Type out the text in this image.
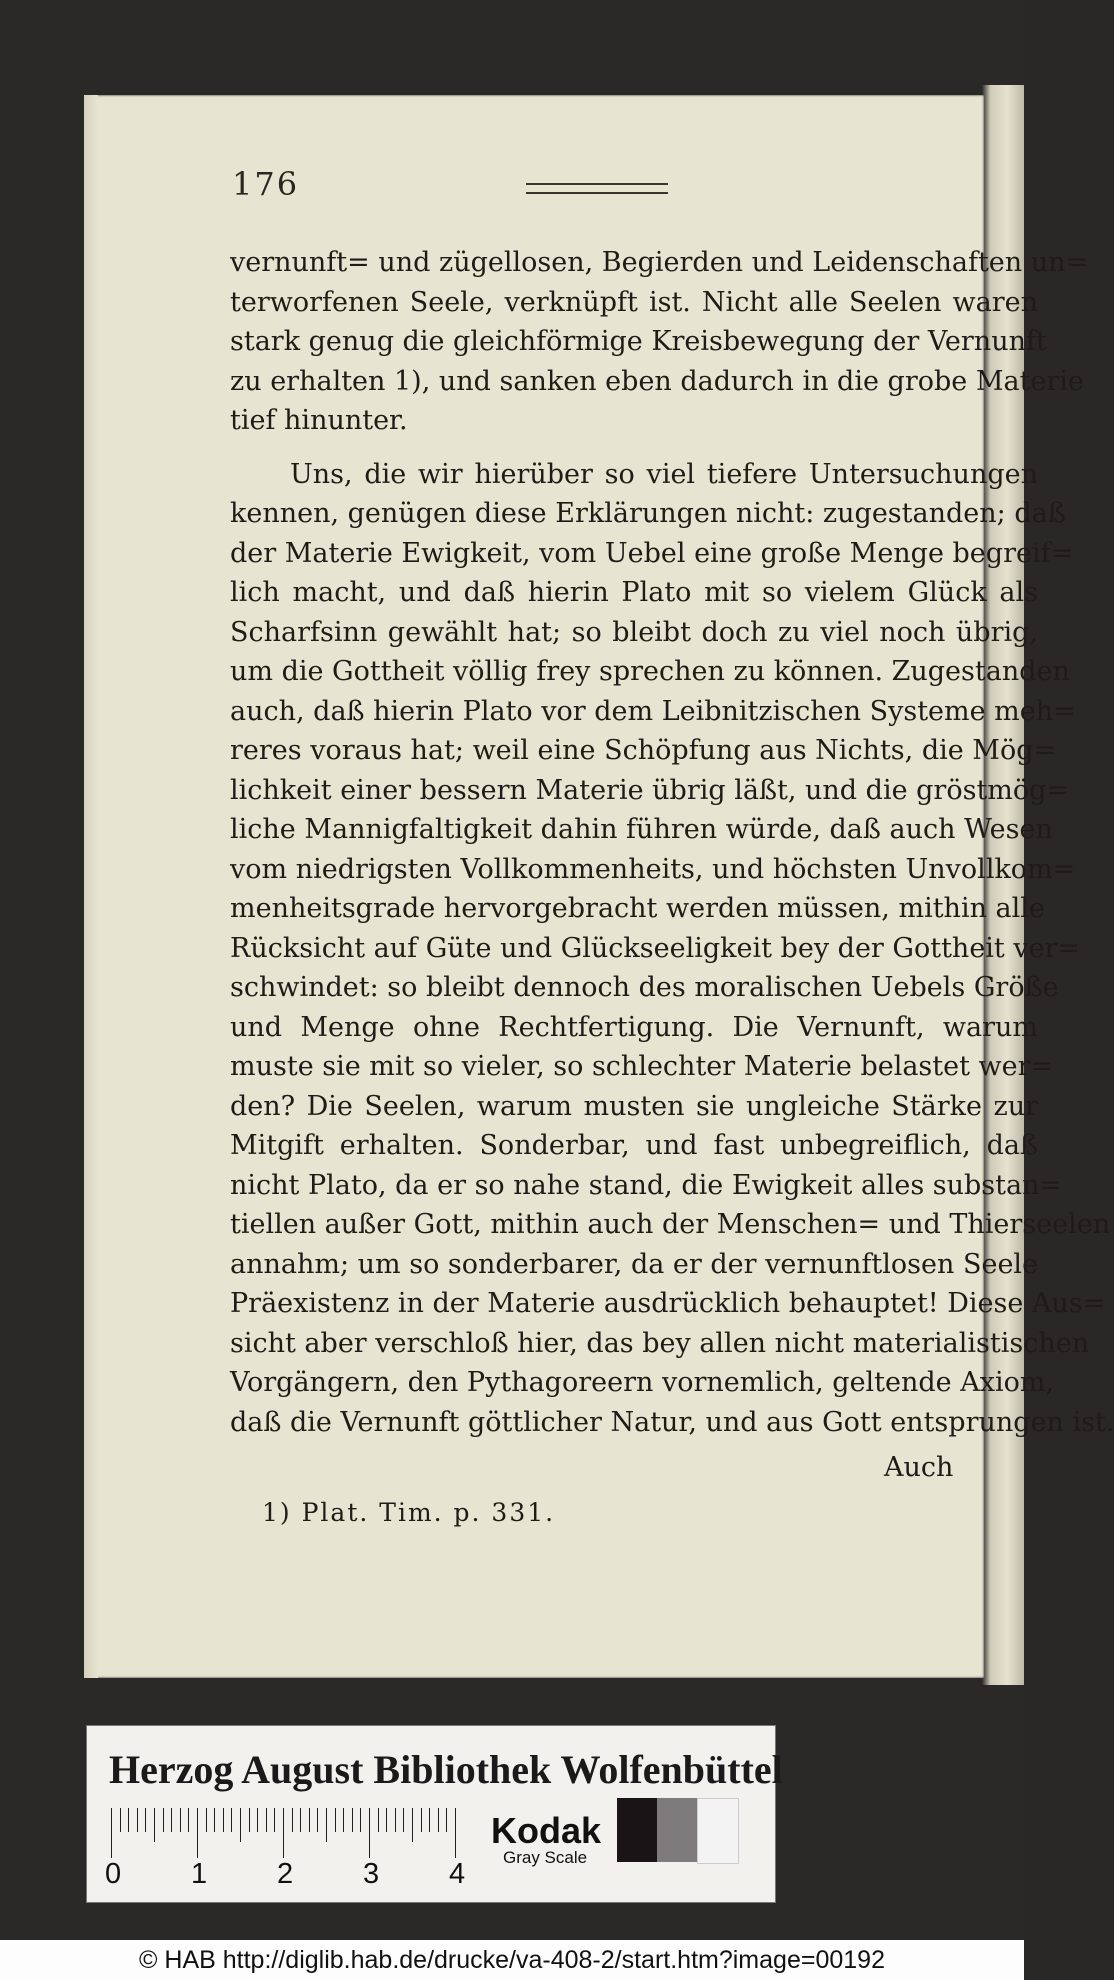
176
vernunft= und zügellosen, Begierden und Leidenschaften un=
terworfenen Seele, verknüpft ist. Nicht alle Seelen waren
stark genug die gleichförmige Kreisbewegung der Vernunft
zu erhalten 1), und sanken eben dadurch in die grobe Materie
tief hinunter.
Uns, die wir hierüber so viel tiefere Untersuchungen
kennen, genügen diese Erklärungen nicht: zugestanden; daß
der Materie Ewigkeit, vom Uebel eine große Menge begreif=
lich macht, und daß hierin Plato mit so vielem Glück als
Scharfsinn gewählt hat; so bleibt doch zu viel noch übrig,
um die Gottheit völlig frey sprechen zu können. Zugestanden
auch, daß hierin Plato vor dem Leibnitzischen Systeme meh=
reres voraus hat; weil eine Schöpfung aus Nichts, die Mög=
lichkeit einer bessern Materie übrig läßt, und die gröstmög=
liche Mannigfaltigkeit dahin führen würde, daß auch Wesen
vom niedrigsten Vollkommenheits, und höchsten Unvollkom=
menheitsgrade hervorgebracht werden müssen, mithin alle
Rücksicht auf Güte und Glückseeligkeit bey der Gottheit ver=
schwindet: so bleibt dennoch des moralischen Uebels Größe
und Menge ohne Rechtfertigung. Die Vernunft, warum
muste sie mit so vieler, so schlechter Materie belastet wer=
den? Die Seelen, warum musten sie ungleiche Stärke zur
Mitgift erhalten. Sonderbar, und fast unbegreiflich, daß
nicht Plato, da er so nahe stand, die Ewigkeit alles substan=
tiellen außer Gott, mithin auch der Menschen= und Thierseelen
annahm; um so sonderbarer, da er der vernunftlosen Seele
Präexistenz in der Materie ausdrücklich behauptet! Diese Aus=
sicht aber verschloß hier, das bey allen nicht materialistischen
Vorgängern, den Pythagoreern vornemlich, geltende Axiom,
daß die Vernunft göttlicher Natur, und aus Gott entsprungen ist.
Auch
1) Plat. Tim. p. 331.
Herzog August Bibliothek Wolfenbüttel
0 1 2 3 4
Kodak
Gray Scale
© HAB http://diglib.hab.de/drucke/va-408-2/start.htm?image=00192
